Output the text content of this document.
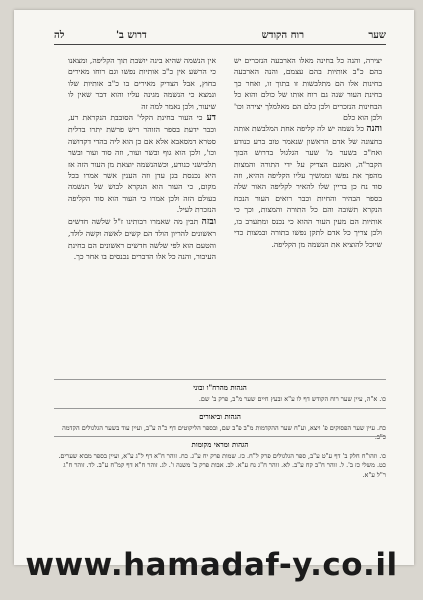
שער
רוח הקודש
דרוש ב'
לה

יצירה, והנה כל בחינה מאלו הארבעה הנזכרים יש בהם כ"ב אותיות בהם עצמם, והנה הארבעה בחינות אלו הם מתלבשות זו בתוך זו, ואחר כך בחינת העור שנה גם רוח אותו של כולם והוא כל הבחינות הנזכרים ולכן כלם הם מאלמלך יצירה וכו' ולכן הוא כלם

והנה כל נשמה יש לה קליפה אחת המלבשת אותה בחצונה של אדם הראשון שנאמר טוב ברע כנודע ואח"כ בשער מ' שער הגלגול בדרוש הבוך הקבר"ה, ואמנם הצדיק על ידי התורה והמצות מהפך את נפשו וממשיך עליו הקליפה ההיא, וזה סוד נח כן בריין שלו להאיר לקליפה האור שלה בספר הבהיר והחיות וכבר רואים העור הנכח הנקרא תשובה והם כל התורה והמצות, וכך כי אותיות הם מעין העור ההוא כי נכנס ומתערב בו, ולכן צריך כל אדם לתקן נפשו בתורה ובמצות כדי שיוכל להוציא את הנשמה מן הקליפה.

אין הנשמה שהיא בינה יושבת תוך הקליפה, ומצאנו כי הרשע אין כ"ב אותיות נפשו וגם רוחו מאירים בחוץ, אבל הצדיק מאירים בו כ"ב אותיות שלו ונמצא כי הנשמה מגינה עליו והוא דבר שאין לו שיעור, ולכן נאמר למה זה

דע כי העור בחינת הקלי' הסובבת הנקראת רע, וכבר ידעת בספר הזוהר ריש פרשת יתרו בדלית סטרא דמסאבא אלא אם כן הוא ליה בהדי דקדושה וכו', ולכן הוא גוף ובשר ועור, וזה סוד ועור ובשר תלבישני כנודע, וכשהנשמה יוצאת מן העור הזה אז היא נכנסת בגן עדן וזה הענין אשר אמרו בכל מקום, כי העור הוא הנקרא לבוש של הנשמה בעולם הזה ולכן אמרו כי העור הוא סוד הקליפה הנזכרת לעיל.

ובזה תבין מה שאמרו רבותינו ז"ל שלשה חדשים ראשונים להריון הולד הם קשים לאשה וקשה לולד, והטעם הוא לפי שלשה חדשים ראשונים הם בחינת העיבור, והנה כל אלו הדברים נכנסים בו אחר כך.

הגהות מהרח"ו ובוני
כו. א"ה, עיין שער רוח הקודש דף לו ע"א ובעץ חיים שער מ"ב, פרק ב' שם.
הגהות וביאורים
כח. עיין שער הפסוקים פ' ויצא, וע"ח שער ההקדמות מ"ב פ"ב שם, ובספר הליקוטים דף כ"ה ע"ב, ועיין עוד בשער הגלגולים הקדמה כ"ב.
הגהות ומראי מקומות
כו. וזהו"ח חלק ב' דף ע"ט ע"ב, ספר הגלגולים פרק ל"ח. כז. שמות פרק יח ע"ג. כח. זוהר ח"א דף ל"ג ע"א, ועיין בספר מבוא שערים. כט. משלי כז ב'. ל. זוהר ח"ב קח ע"ב. לא. זוהר ח"ג נח ע"א. לב. אבות פרק ב' משנה ו'. לג. זוהר ח"א דף קמ"ח ע"ב. לד. זוהר ח"ג ר"ל ע"א.
www.hamadaf-y.co.il
